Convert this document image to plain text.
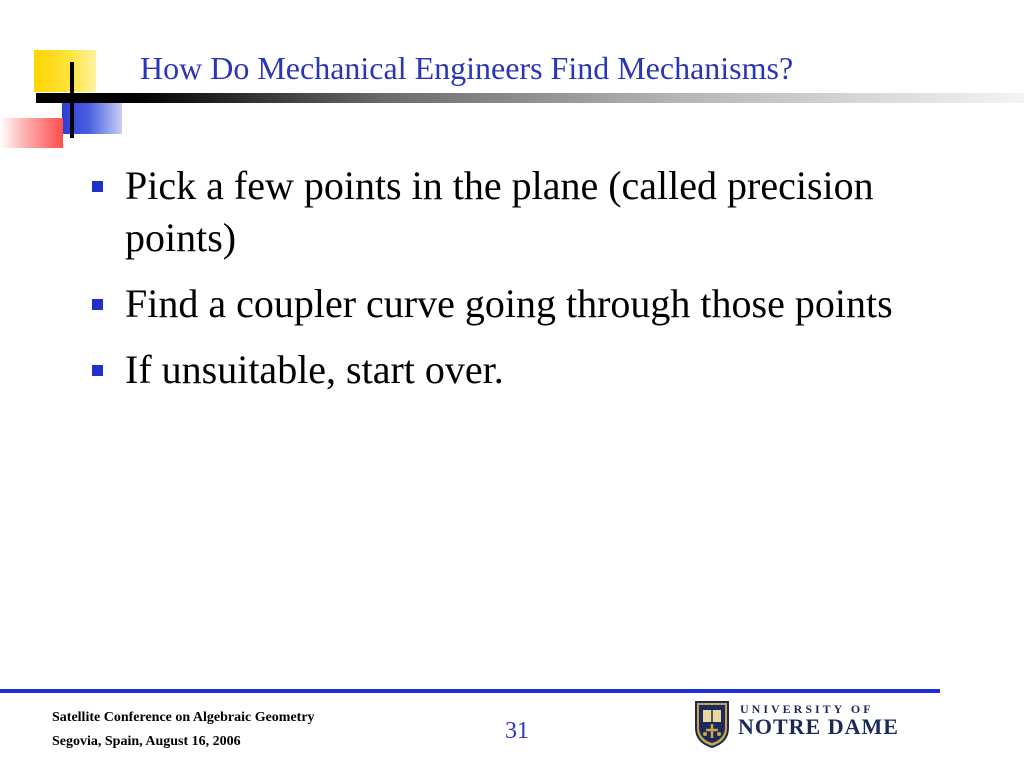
How Do Mechanical Engineers Find Mechanisms?
Pick a few points in the plane (called precision points)
Find a coupler curve going through those points
If unsuitable, start over.
Satellite Conference on Algebraic Geometry
Segovia, Spain, August 16, 2006	31
UNIVERSITY OF
NOTRE DAME
